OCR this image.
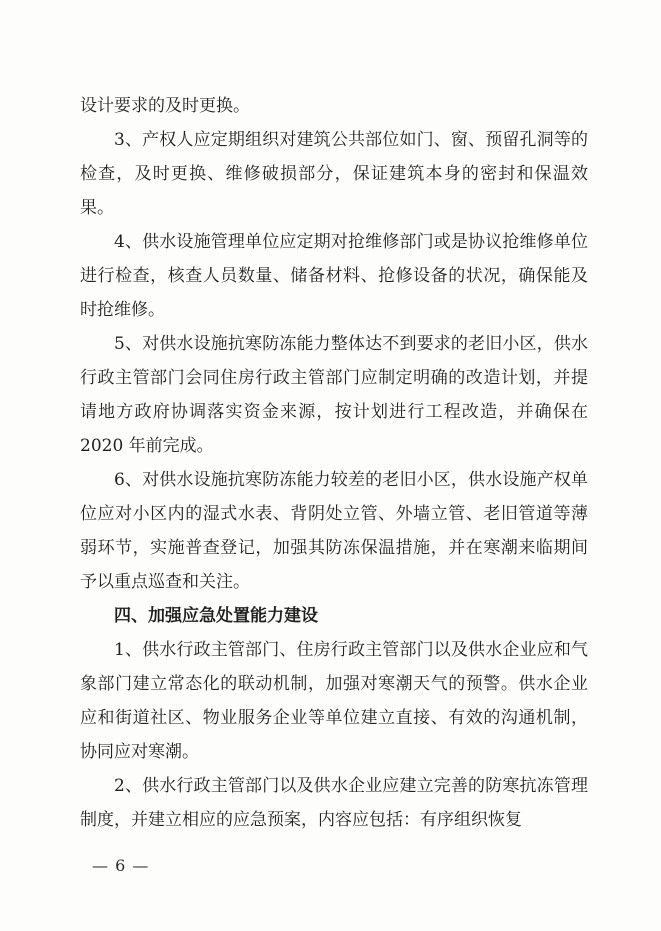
设计要求的及时更换。

3、产权人应定期组织对建筑公共部位如门、窗、预留孔洞等的检查，及时更换、维修破损部分，保证建筑本身的密封和保温效果。

4、供水设施管理单位应定期对抢维修部门或是协议抢维修单位进行检查，核查人员数量、储备材料、抢修设备的状况，确保能及时抢维修。

5、对供水设施抗寒防冻能力整体达不到要求的老旧小区，供水行政主管部门会同住房行政主管部门应制定明确的改造计划，并提请地方政府协调落实资金来源，按计划进行工程改造，并确保在 2020 年前完成。

6、对供水设施抗寒防冻能力较差的老旧小区，供水设施产权单位应对小区内的湿式水表、背阴处立管、外墙立管、老旧管道等薄弱环节，实施普查登记，加强其防冻保温措施，并在寒潮来临期间予以重点巡查和关注。

四、加强应急处置能力建设

1、供水行政主管部门、住房行政主管部门以及供水企业应和气象部门建立常态化的联动机制，加强对寒潮天气的预警。供水企业应和街道社区、物业服务企业等单位建立直接、有效的沟通机制，协同应对寒潮。

2、供水行政主管部门以及供水企业应建立完善的防寒抗冻管理制度，并建立相应的应急预案，内容应包括：有序组织恢复

— 6 —
